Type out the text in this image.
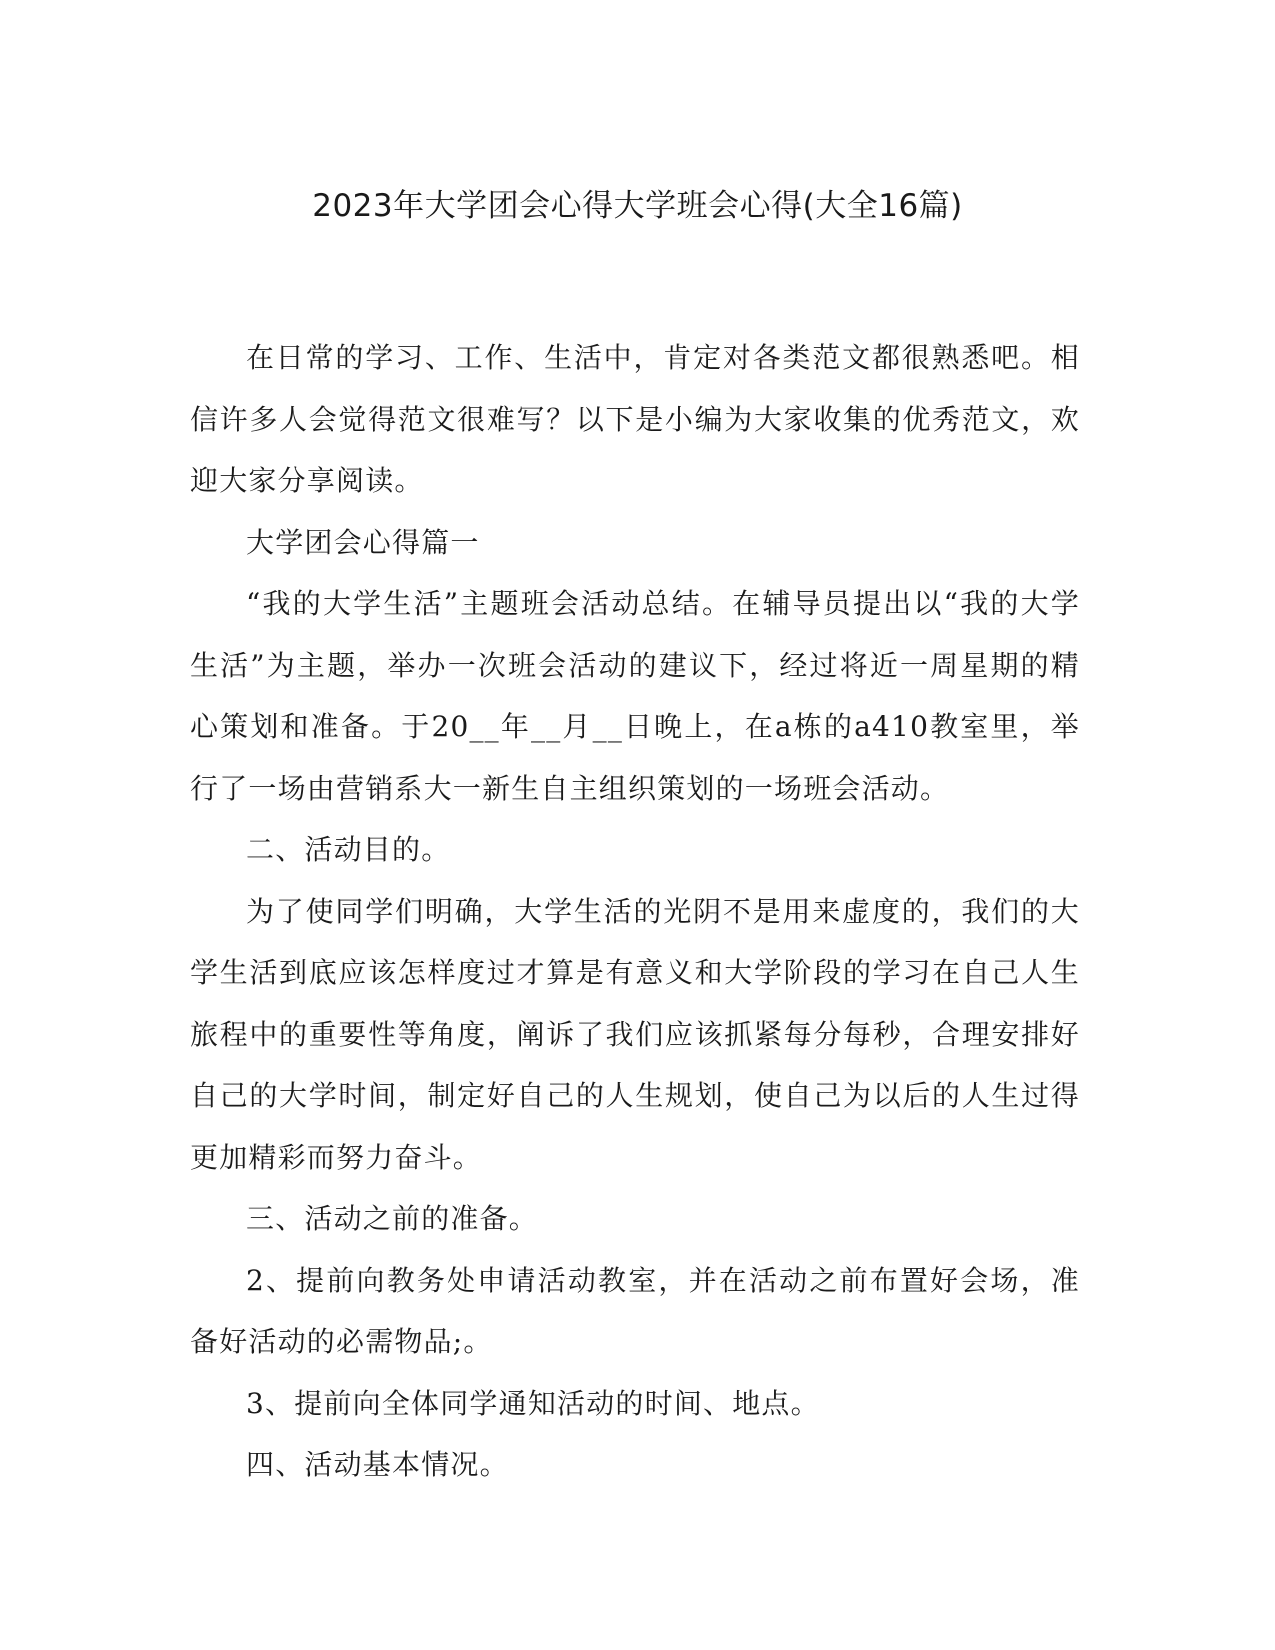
2023年大学团会心得大学班会心得(大全16篇)

在日常的学习、工作、生活中，肯定对各类范文都很熟悉吧。相信许多人会觉得范文很难写？以下是小编为大家收集的优秀范文，欢迎大家分享阅读。

大学团会心得篇一

“我的大学生活”主题班会活动总结。在辅导员提出以“我的大学生活”为主题，举办一次班会活动的建议下，经过将近一周星期的精心策划和准备。于20__年__月__日晚上，在a栋的a410教室里，举行了一场由营销系大一新生自主组织策划的一场班会活动。

二、活动目的。

为了使同学们明确，大学生活的光阴不是用来虚度的，我们的大学生活到底应该怎样度过才算是有意义和大学阶段的学习在自己人生旅程中的重要性等角度，阐诉了我们应该抓紧每分每秒，合理安排好自己的大学时间，制定好自己的人生规划，使自己为以后的人生过得更加精彩而努力奋斗。

三、活动之前的准备。

2、提前向教务处申请活动教室，并在活动之前布置好会场，准备好活动的必需物品;。

3、提前向全体同学通知活动的时间、地点。

四、活动基本情况。
